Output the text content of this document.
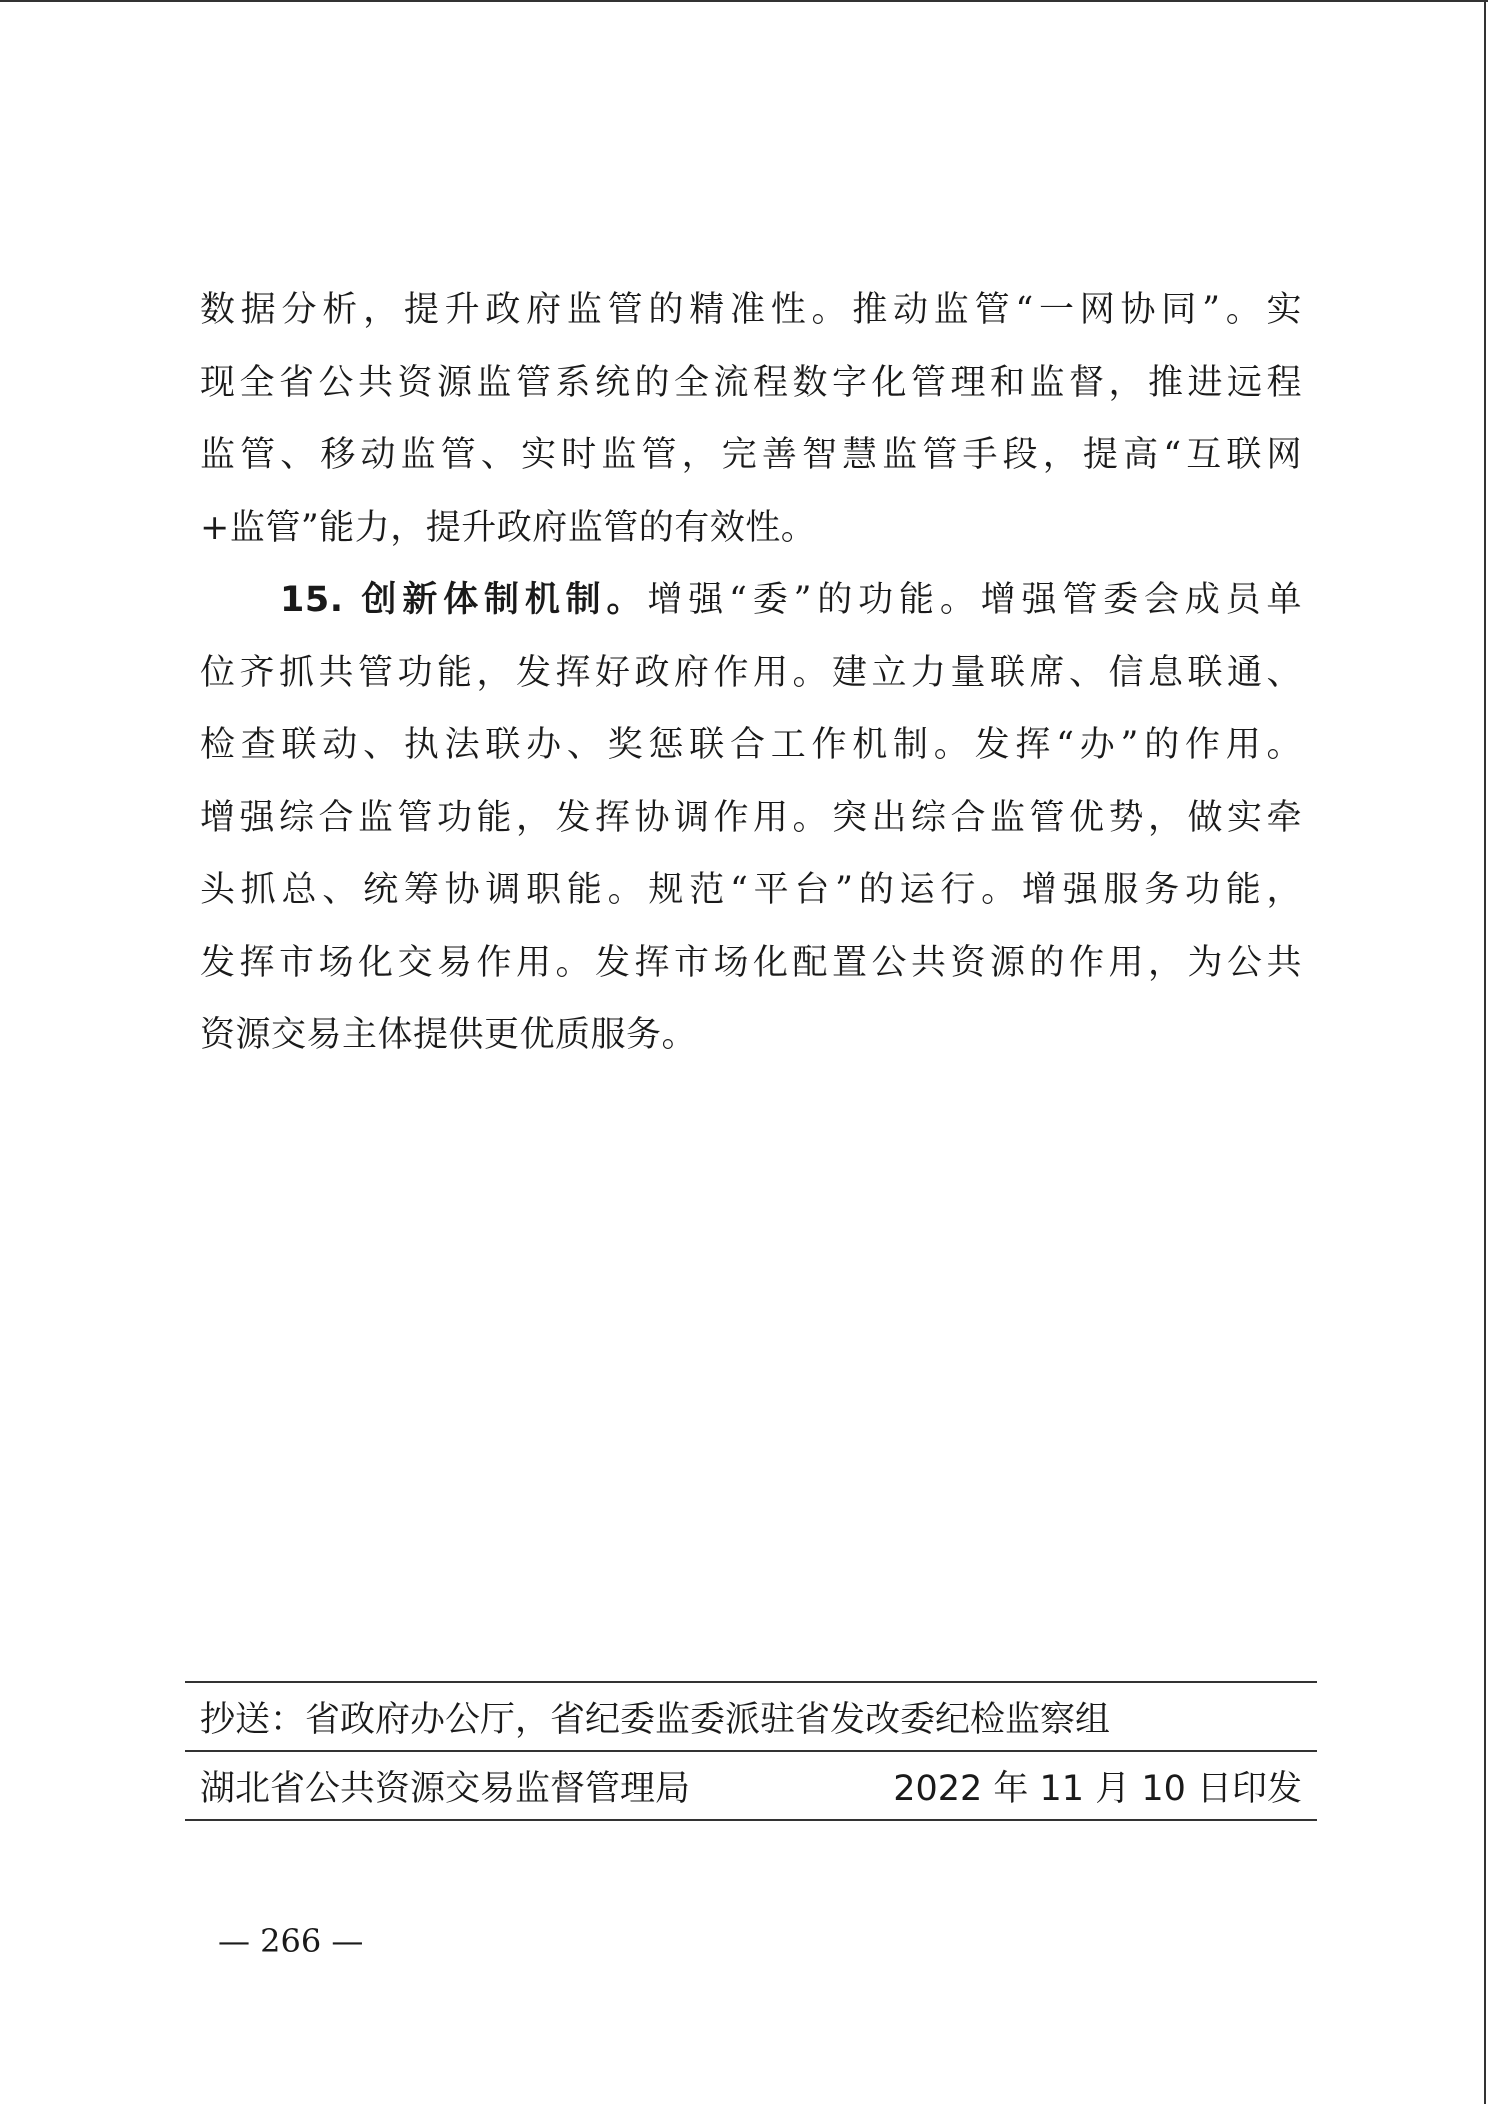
数据分析，提升政府监管的精准性。推动监管“一网协同”。实
现全省公共资源监管系统的全流程数字化管理和监督，推进远程
监管、移动监管、实时监管，完善智慧监管手段，提高“互联网
+监管”能力，提升政府监管的有效性。
15. 创新体制机制。增强“委”的功能。增强管委会成员单
位齐抓共管功能，发挥好政府作用。建立力量联席、信息联通、
检查联动、执法联办、奖惩联合工作机制。发挥“办”的作用。
增强综合监管功能，发挥协调作用。突出综合监管优势，做实牵
头抓总、统筹协调职能。规范“平台”的运行。增强服务功能，
发挥市场化交易作用。发挥市场化配置公共资源的作用，为公共
资源交易主体提供更优质服务。
抄送：省政府办公厅，省纪委监委派驻省发改委纪检监察组
湖北省公共资源交易监督管理局	2022 年 11 月 10 日印发
— 266 —
